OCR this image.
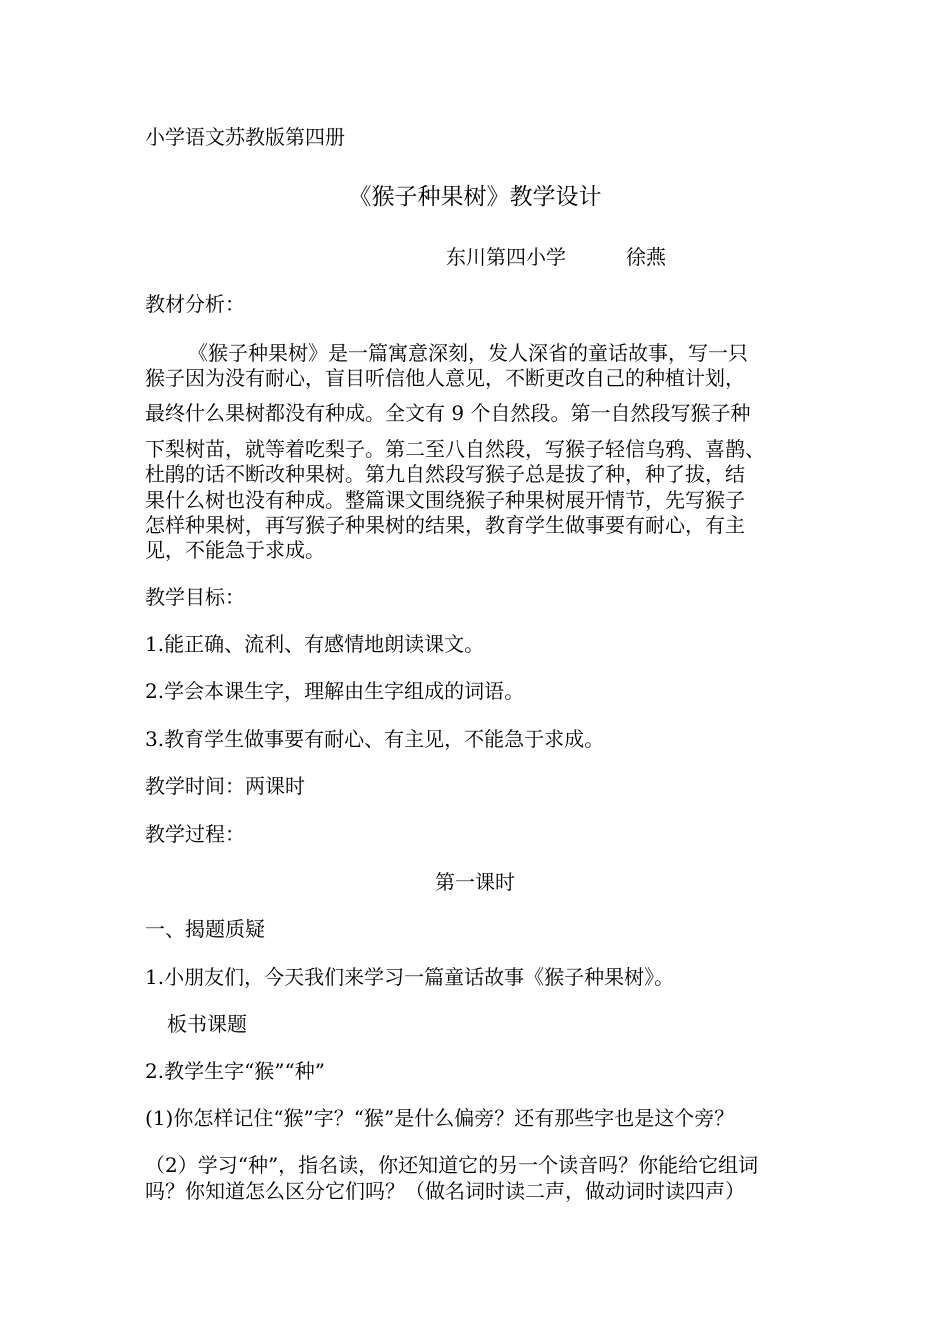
小学语文苏教版第四册

《猴子种果树》教学设计

东川第四小学	徐燕

教材分析：

《猴子种果树》是一篇寓意深刻，发人深省的童话故事，写一只

猴子因为没有耐心，盲目听信他人意见，不断更改自己的种植计划，

最终什么果树都没有种成。全文有 9 个自然段。第一自然段写猴子种

下梨树苗，就等着吃梨子。第二至八自然段，写猴子轻信乌鸦、喜鹊、

杜鹃的话不断改种果树。第九自然段写猴子总是拔了种，种了拔，结

果什么树也没有种成。整篇课文围绕猴子种果树展开情节，先写猴子

怎样种果树，再写猴子种果树的结果，教育学生做事要有耐心，有主

见，不能急于求成。

教学目标：

1.能正确、流利、有感情地朗读课文。

2.学会本课生字，理解由生字组成的词语。

3.教育学生做事要有耐心、有主见，不能急于求成。

教学时间：两课时

教学过程：

第一课时

一、揭题质疑

1.小朋友们，今天我们来学习一篇童话故事《猴子种果树》。

板书课题

2.教学生字“猴”“种”

(1)你怎样记住“猴”字？“猴”是什么偏旁？还有那些字也是这个旁？

（2）学习“种”，指名读，你还知道它的另一个读音吗？你能给它组词

吗？你知道怎么区分它们吗？（做名词时读二声，做动词时读四声）
